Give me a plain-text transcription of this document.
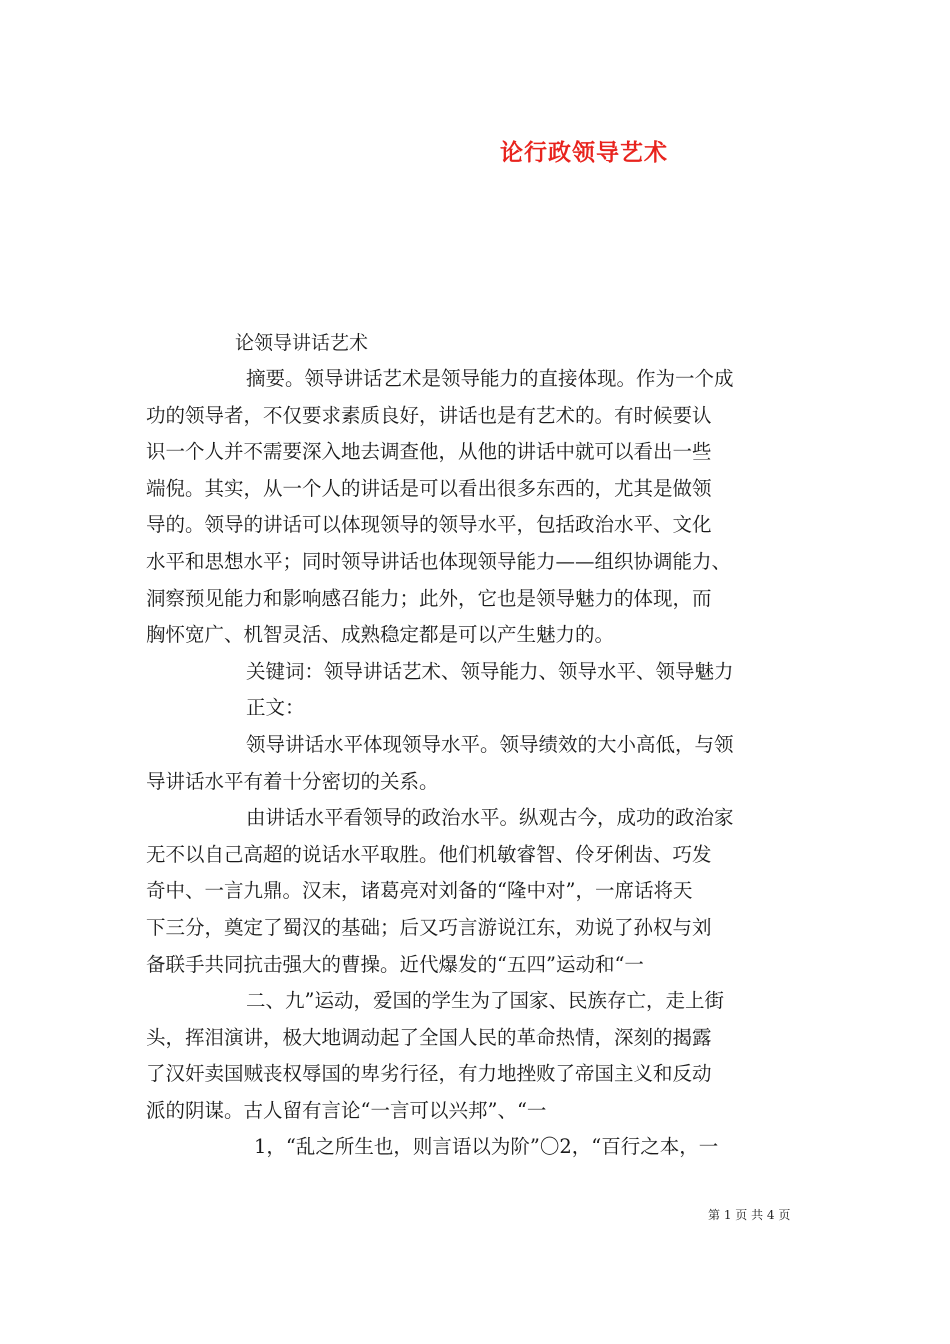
论行政领导艺术
论领导讲话艺术
摘要。领导讲话艺术是领导能力的直接体现。作为一个成
功的领导者，不仅要求素质良好，讲话也是有艺术的。有时候要认
识一个人并不需要深入地去调查他，从他的讲话中就可以看出一些
端倪。其实，从一个人的讲话是可以看出很多东西的，尤其是做领
导的。领导的讲话可以体现领导的领导水平，包括政治水平、文化
水平和思想水平；同时领导讲话也体现领导能力——组织协调能力、
洞察预见能力和影响感召能力；此外，它也是领导魅力的体现，而
胸怀宽广、机智灵活、成熟稳定都是可以产生魅力的。
关键词：领导讲话艺术、领导能力、领导水平、领导魅力
正文：
领导讲话水平体现领导水平。领导绩效的大小高低，与领
导讲话水平有着十分密切的关系。
由讲话水平看领导的政治水平。纵观古今，成功的政治家
无不以自己高超的说话水平取胜。他们机敏睿智、伶牙俐齿、巧发
奇中、一言九鼎。汉末，诸葛亮对刘备的“隆中对”，一席话将天
下三分，奠定了蜀汉的基础；后又巧言游说江东，劝说了孙权与刘
备联手共同抗击强大的曹操。近代爆发的“五四”运动和“一
二、九”运动，爱国的学生为了国家、民族存亡，走上街
头，挥泪演讲，极大地调动起了全国人民的革命热情，深刻的揭露
了汉奸卖国贼丧权辱国的卑劣行径，有力地挫败了帝国主义和反动
派的阴谋。古人留有言论“一言可以兴邦”、“一
1，“乱之所生也，则言语以为阶”〇2，“百行之本，一
第 1 页 共 4 页
